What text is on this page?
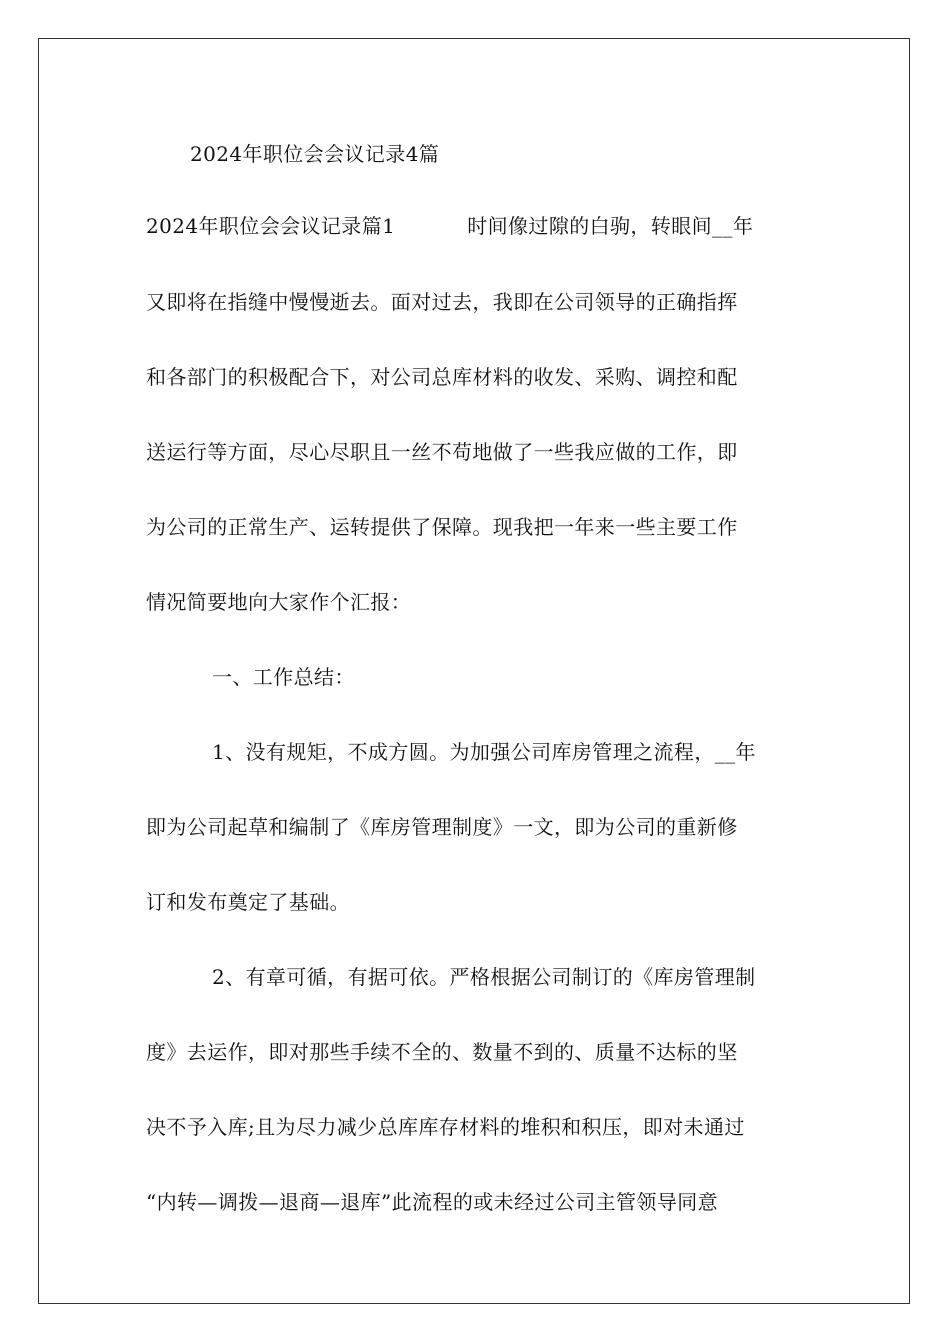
2024年职位会会议记录4篇
2024年职位会会议记录篇1	时间像过隙的白驹，转眼间__年
又即将在指缝中慢慢逝去。面对过去，我即在公司领导的正确指挥
和各部门的积极配合下，对公司总库材料的收发、采购、调控和配
送运行等方面，尽心尽职且一丝不苟地做了一些我应做的工作，即
为公司的正常生产、运转提供了保障。现我把一年来一些主要工作
情况简要地向大家作个汇报：
一、工作总结：
1、没有规矩，不成方圆。为加强公司库房管理之流程，__年
即为公司起草和编制了《库房管理制度》一文，即为公司的重新修
订和发布奠定了基础。
2、有章可循，有据可依。严格根据公司制订的《库房管理制
度》去运作，即对那些手续不全的、数量不到的、质量不达标的坚
决不予入库;且为尽力减少总库库存材料的堆积和积压，即对未通过
“内转—调拨—退商—退库”此流程的或未经过公司主管领导同意
